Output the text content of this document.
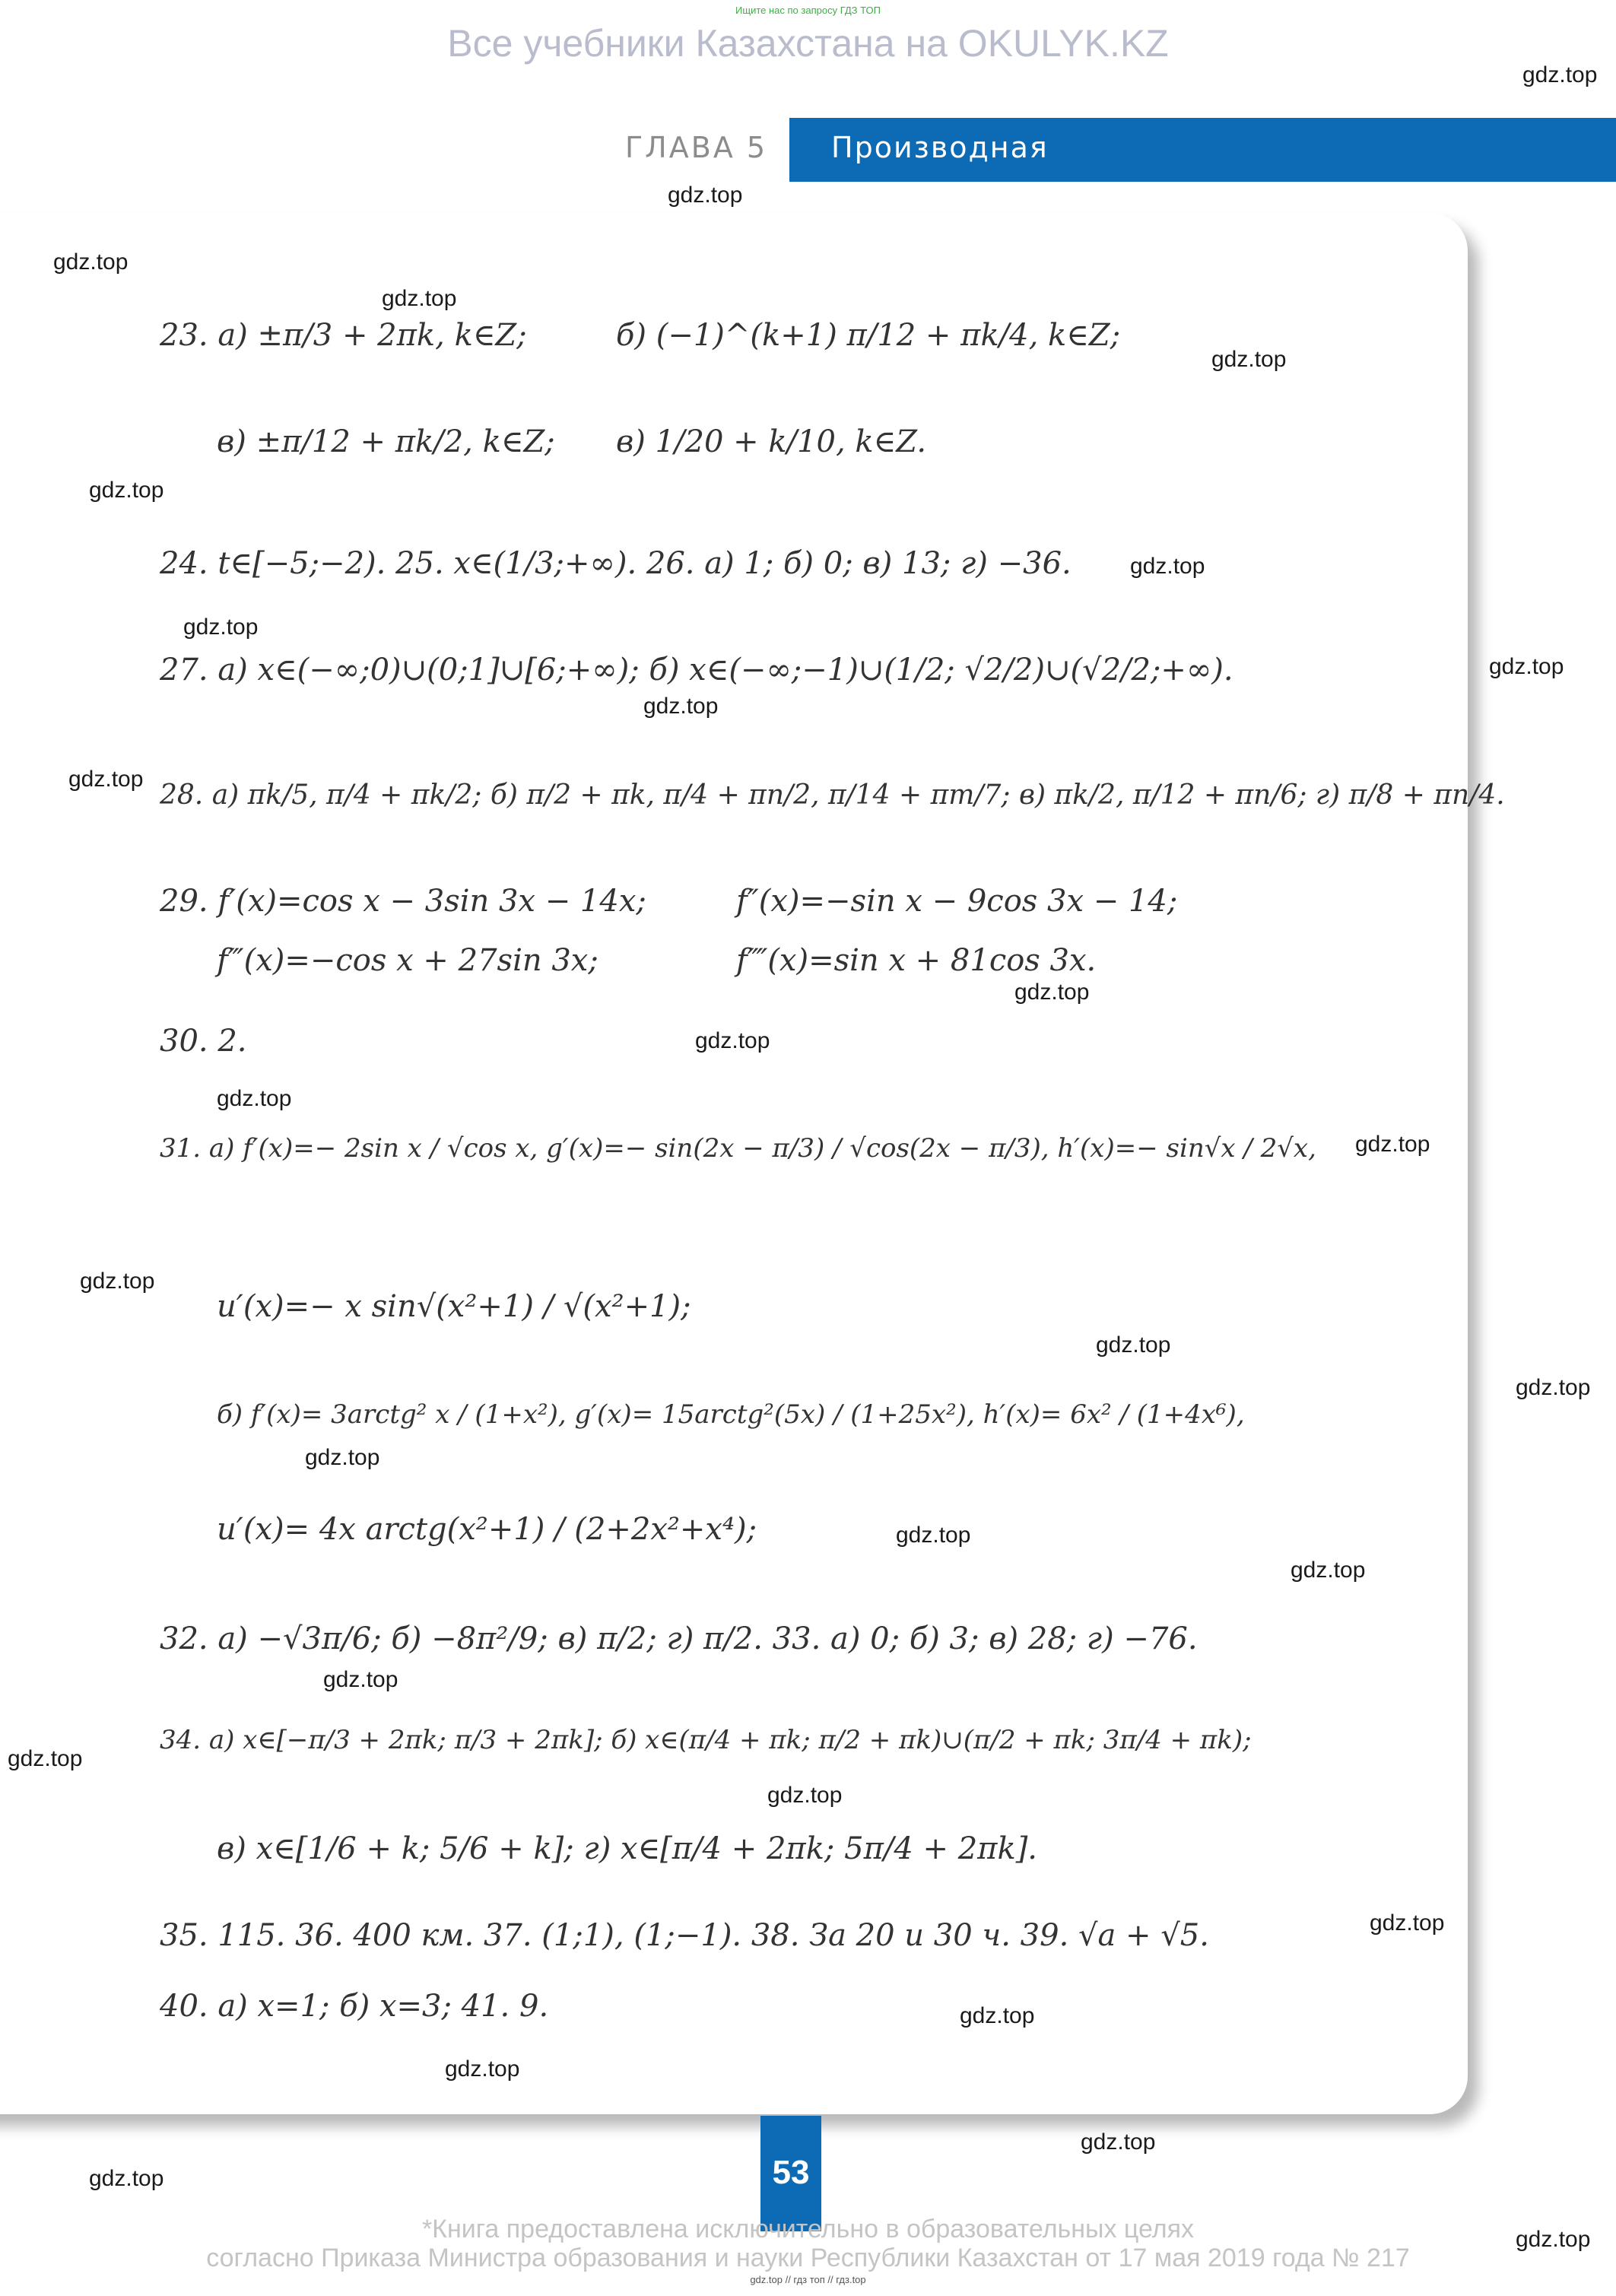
Ищите нас по запросу ГДЗ ТОП
Все учебники Казахстана на OKULYK.KZ
ГЛАВА 5 Производная
23. а) ±π/3 + 2πk, k∈Z;	б) (−1)^(k+1) π/12 + πk/4, k∈Z;
в) ±π/12 + πk/2, k∈Z; в) 1/20 + k/10, k∈Z.
24. t∈[−5;−2). 25. x∈(1/3;+∞). 26. а) 1; б) 0; в) 13; г) −36.
27. а) x∈(−∞;0)∪(0;1]∪[6;+∞); б) x∈(−∞;−1)∪(1/2; √2/2)∪(√2/2;+∞).
28. а) πk/5, π/4 + πk/2; б) π/2 + πk, π/4 + πn/2, π/14 + πm/7; в) πk/2, π/12 + πn/6; г) π/8 + πn/4.
29. f′(x)=cos x − 3sin 3x − 14x;	f″(x)=−sin x − 9cos 3x − 14;
f‴(x)=−cos x + 27sin 3x;	f⁗(x)=sin x + 81cos 3x.
30. 2.
31. а) f′(x)=− 2sin x / √cos x, g′(x)=− sin(2x − π/3) / √cos(2x − π/3), h′(x)=− sin√x / 2√x,
u′(x)=− x sin√(x²+1) / √(x²+1);
б) f′(x)= 3arctg² x / (1+x²), g′(x)= 15arctg²(5x) / (1+25x²), h′(x)= 6x² / (1+4x⁶),
u′(x)= 4x arctg(x²+1) / (2+2x²+x⁴);
32. а) −√3π/6; б) −8π²/9; в) π/2; г) π/2. 33. а) 0; б) 3; в) 28; г) −76.
34. а) x∈[−π/3 + 2πk; π/3 + 2πk]; б) x∈(π/4 + πk; π/2 + πk)∪(π/2 + πk; 3π/4 + πk);
в) x∈[1/6 + k; 5/6 + k]; г) x∈[π/4 + 2πk; 5π/4 + 2πk].
35. 115. 36. 400 км. 37. (1;1), (1;−1). 38. За 20 и 30 ч. 39. √a + √5.
40. а) x=1; б) x=3; 41. 9.
gdz.top
gdz.top
gdz.top
gdz.top
gdz.top
gdz.top
gdz.top
gdz.top
gdz.top
gdz.top
gdz.top
gdz.top
gdz.top
gdz.top
gdz.top
gdz.top
gdz.top
gdz.top
gdz.top
gdz.top
gdz.top
gdz.top
gdz.top
gdz.top
gdz.top
gdz.top
gdz.top
gdz.top
gdz.top
gdz.top
53
*Книга предоставлена исключительно в образовательных целях
согласно Приказа Министра образования и науки Республики Казахстан от 17 мая 2019 года № 217
gdz.top // гдз топ // гдз.top
